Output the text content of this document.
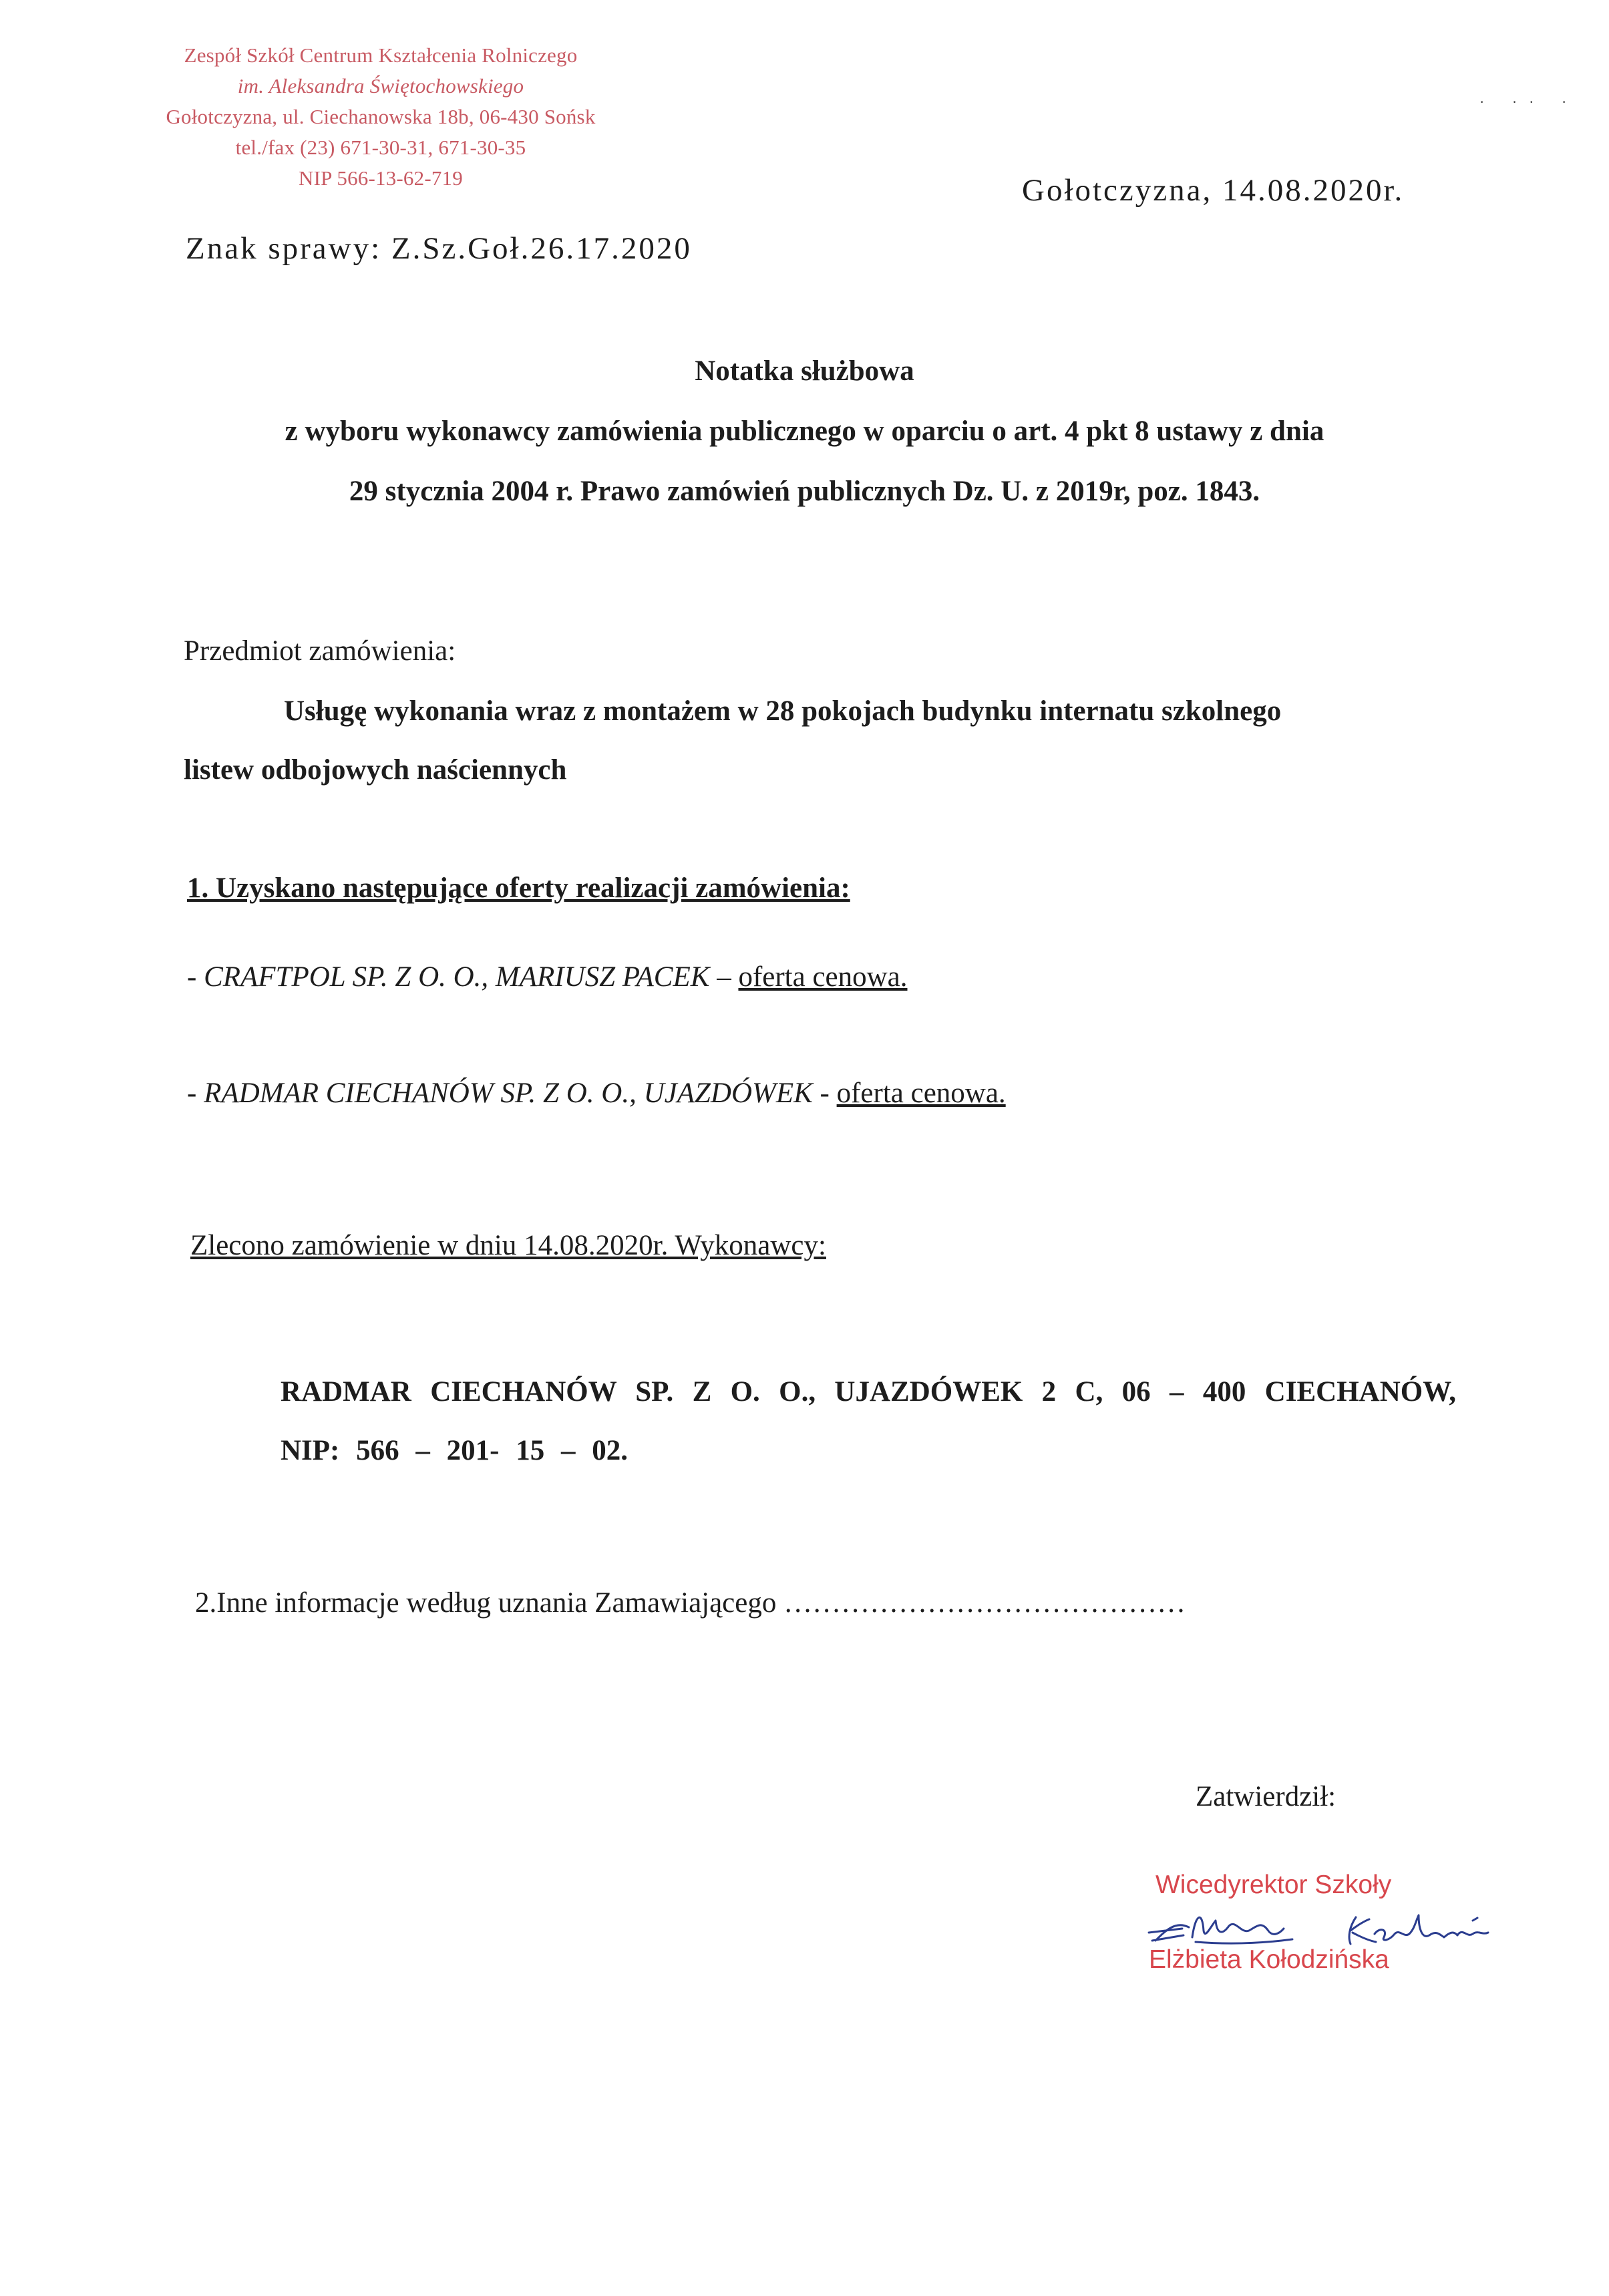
Zespół Szkół Centrum Kształcenia Rolniczego
im. Aleksandra Świętochowskiego
Gołotczyzna, ul. Ciechanowska 18b, 06-430 Sońsk
tel./fax (23) 671-30-31, 671-30-35
NIP 566-13-62-719
· ·· ·
Gołotczyzna, 14.08.2020r.
Znak sprawy: Z.Sz.Goł.26.17.2020
Notatka służbowa
z wyboru wykonawcy zamówienia publicznego w oparciu o art. 4 pkt 8 ustawy z dnia
29 stycznia 2004 r. Prawo zamówień publicznych Dz. U. z 2019r, poz. 1843.
Przedmiot zamówienia:
Usługę wykonania wraz z montażem w 28 pokojach budynku internatu szkolnego
listew odbojowych naściennych
1. Uzyskano następujące oferty realizacji zamówienia:
- CRAFTPOL SP. Z O. O., MARIUSZ PACEK – oferta cenowa.
- RADMAR CIECHANÓW SP. Z O. O., UJAZDÓWEK - oferta cenowa.
Zlecono zamówienie w dniu 14.08.2020r. Wykonawcy:
RADMAR CIECHANÓW SP. Z O. O., UJAZDÓWEK 2 C, 06 – 400 CIECHANÓW, NIP: 566 – 201- 15 – 02.
2.Inne informacje według uznania Zamawiającego ……………………………………
Zatwierdził:
Wicedyrektor Szkoły
Elżbieta Kołodzińska
